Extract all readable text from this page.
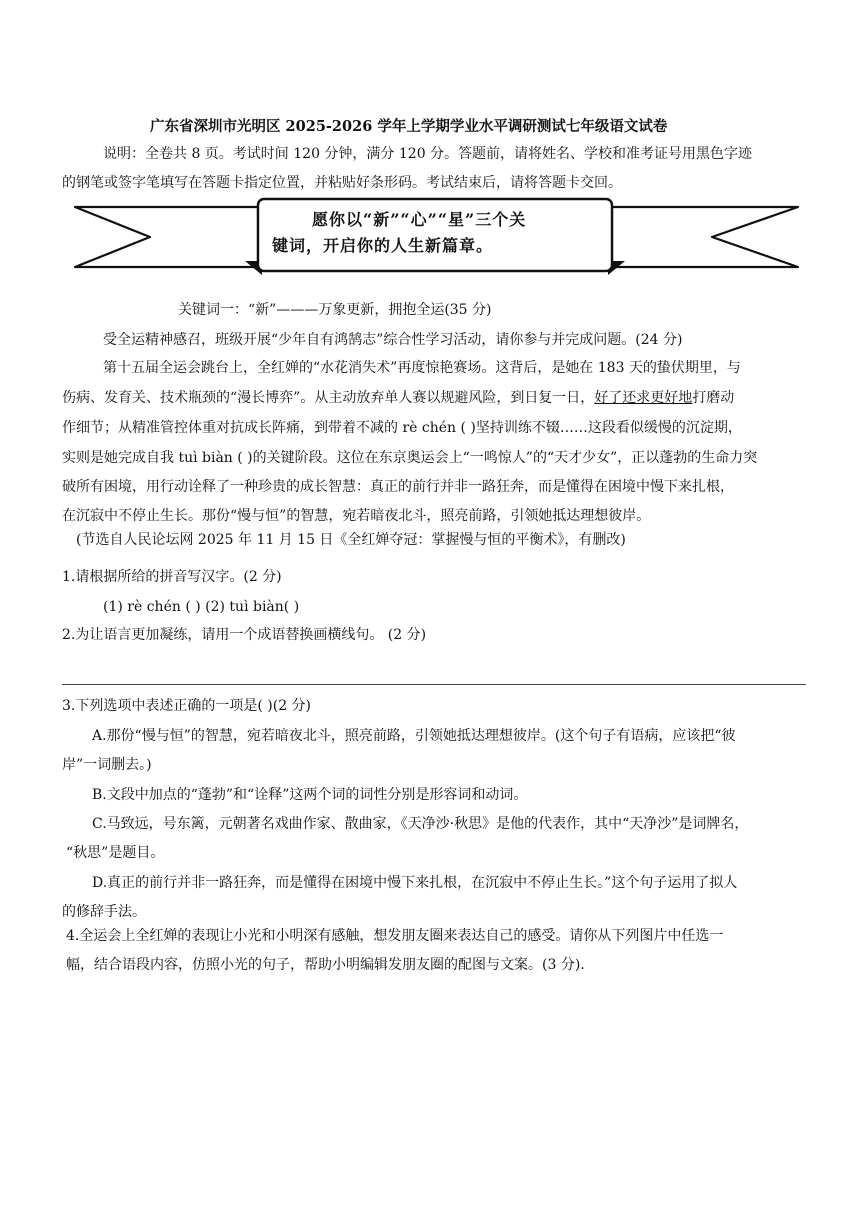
广东省深圳市光明区 2025-2026 学年上学期学业水平调研测试七年级语文试卷
说明：全卷共 8 页。考试时间 120 分钟，满分 120 分。答题前，请将姓名、学校和准考证号用黑色字迹
的钢笔或签字笔填写在答题卡指定位置，并粘贴好条形码。考试结束后，请将答题卡交回。
愿你以“新”“心”“星”三个关
键词，开启你的人生新篇章。
关键词一：“新”———万象更新，拥抱全运(35 分)
受全运精神感召，班级开展“少年自有鸿鹄志”综合性学习活动，请你参与并完成问题。(24 分)
第十五届全运会跳台上，全红婵的“水花消失术”再度惊艳赛场。这背后，是她在 183 天的蛰伏期里，与
伤病、发育关、技术瓶颈的“漫长博弈”。从主动放弃单人赛以规避风险，到日复一日，好了还求更好地打磨动
作细节；从精准管控体重对抗成长阵痛，到带着不减的 rè chén ( )坚持训练不辍……这段看似缓慢的沉淀期，
实则是她完成自我 tuì biàn ( )的关键阶段。这位在东京奥运会上“一鸣惊人”的“天才少女”，正以蓬勃的生命力突
破所有困境，用行动诠释了一种珍贵的成长智慧：真正的前行并非一路狂奔，而是懂得在困境中慢下来扎根，
在沉寂中不停止生长。那份“慢与恒”的智慧，宛若暗夜北斗，照亮前路，引领她抵达理想彼岸。
(节选自人民论坛网 2025 年 11 月 15 日《全红婵夺冠：掌握慢与恒的平衡术》，有删改)
1.请根据所给的拼音写汉字。(2 分)
(1) rè chén ( ) (2) tuì biàn( )
2.为让语言更加凝练，请用一个成语替换画横线句。 (2 分)
3.下列选项中表述正确的一项是( )(2 分)
A.那份“慢与恒”的智慧，宛若暗夜北斗，照亮前路，引领她抵达理想彼岸。(这个句子有语病，应该把“彼
岸”一词删去。)
B.文段中加点的“蓬勃”和“诠释”这两个词的词性分别是形容词和动词。
C.马致远，号东篱，元朝著名戏曲作家、散曲家，《天净沙·秋思》是他的代表作，其中“天净沙”是词牌名，
“秋思”是题目。
D.真正的前行并非一路狂奔，而是懂得在困境中慢下来扎根，在沉寂中不停止生长。”这个句子运用了拟人
的修辞手法。
4.全运会上全红婵的表现让小光和小明深有感触，想发朋友圈来表达自己的感受。请你从下列图片中任选一
幅，结合语段内容，仿照小光的句子，帮助小明编辑发朋友圈的配图与文案。(3 分).
